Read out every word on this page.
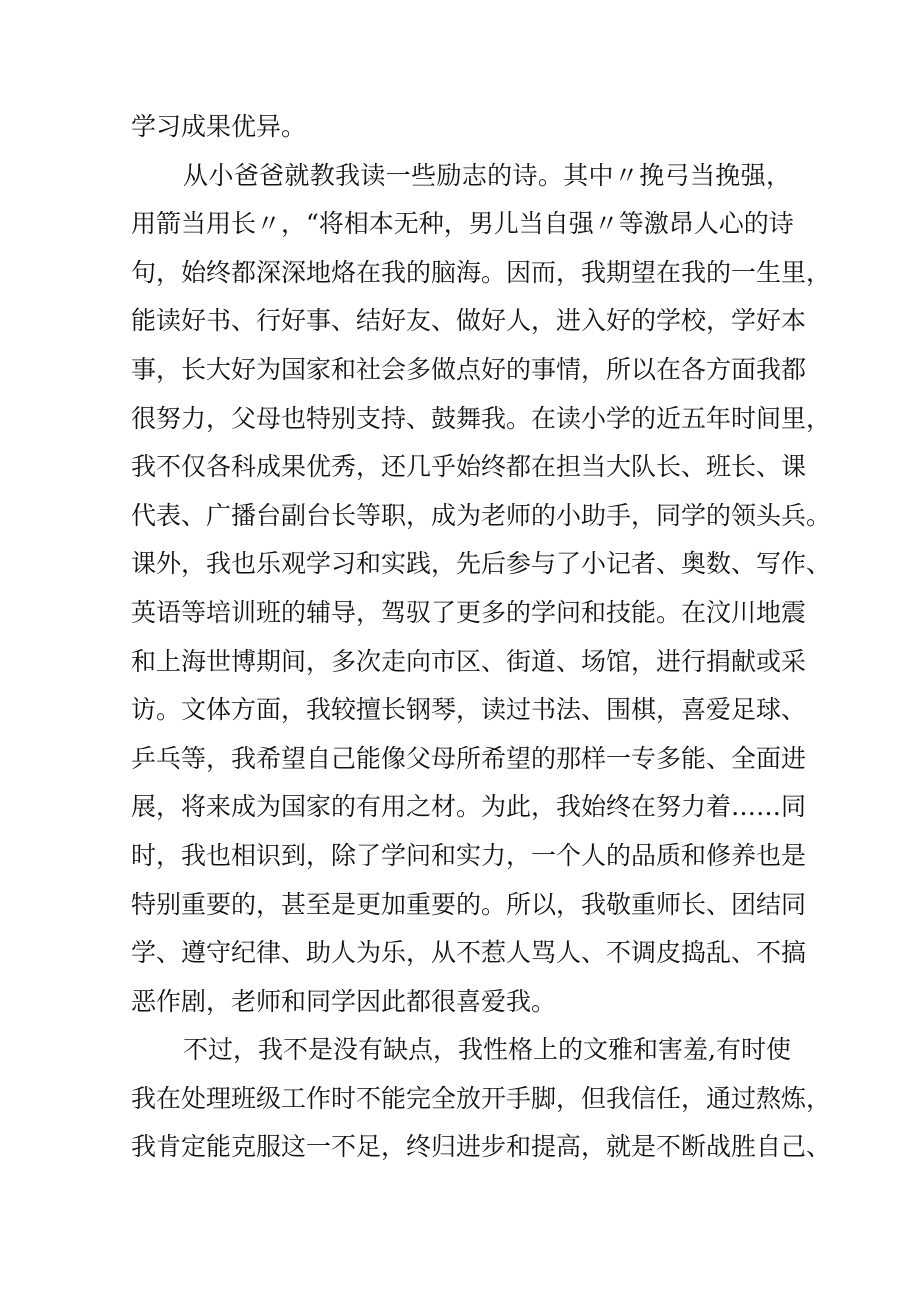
学习成果优异。
从小爸爸就教我读一些励志的诗。其中〃挽弓当挽强，
用箭当用长〃，“将相本无种，男儿当自强〃等激昂人心的诗
句，始终都深深地烙在我的脑海。因而，我期望在我的一生里，
能读好书、行好事、结好友、做好人，进入好的学校，学好本
事，长大好为国家和社会多做点好的事情，所以在各方面我都
很努力，父母也特别支持、鼓舞我。在读小学的近五年时间里，
我不仅各科成果优秀，还几乎始终都在担当大队长、班长、课
代表、广播台副台长等职，成为老师的小助手，同学的领头兵。
课外，我也乐观学习和实践，先后参与了小记者、奥数、写作、
英语等培训班的辅导，驾驭了更多的学问和技能。在汶川地震
和上海世博期间，多次走向市区、街道、场馆，进行捐献或采
访。文体方面，我较擅长钢琴，读过书法、围棋，喜爱足球、
乒乓等，我希望自己能像父母所希望的那样一专多能、全面进
展，将来成为国家的有用之材。为此，我始终在努力着……同
时，我也相识到，除了学问和实力，一个人的品质和修养也是
特别重要的，甚至是更加重要的。所以，我敬重师长、团结同
学、遵守纪律、助人为乐，从不惹人骂人、不调皮捣乱、不搞
恶作剧，老师和同学因此都很喜爱我。
不过，我不是没有缺点，我性格上的文雅和害羞,有时使
我在处理班级工作时不能完全放开手脚，但我信任，通过熬炼，
我肯定能克服这一不足，终归进步和提高，就是不断战胜自己、
